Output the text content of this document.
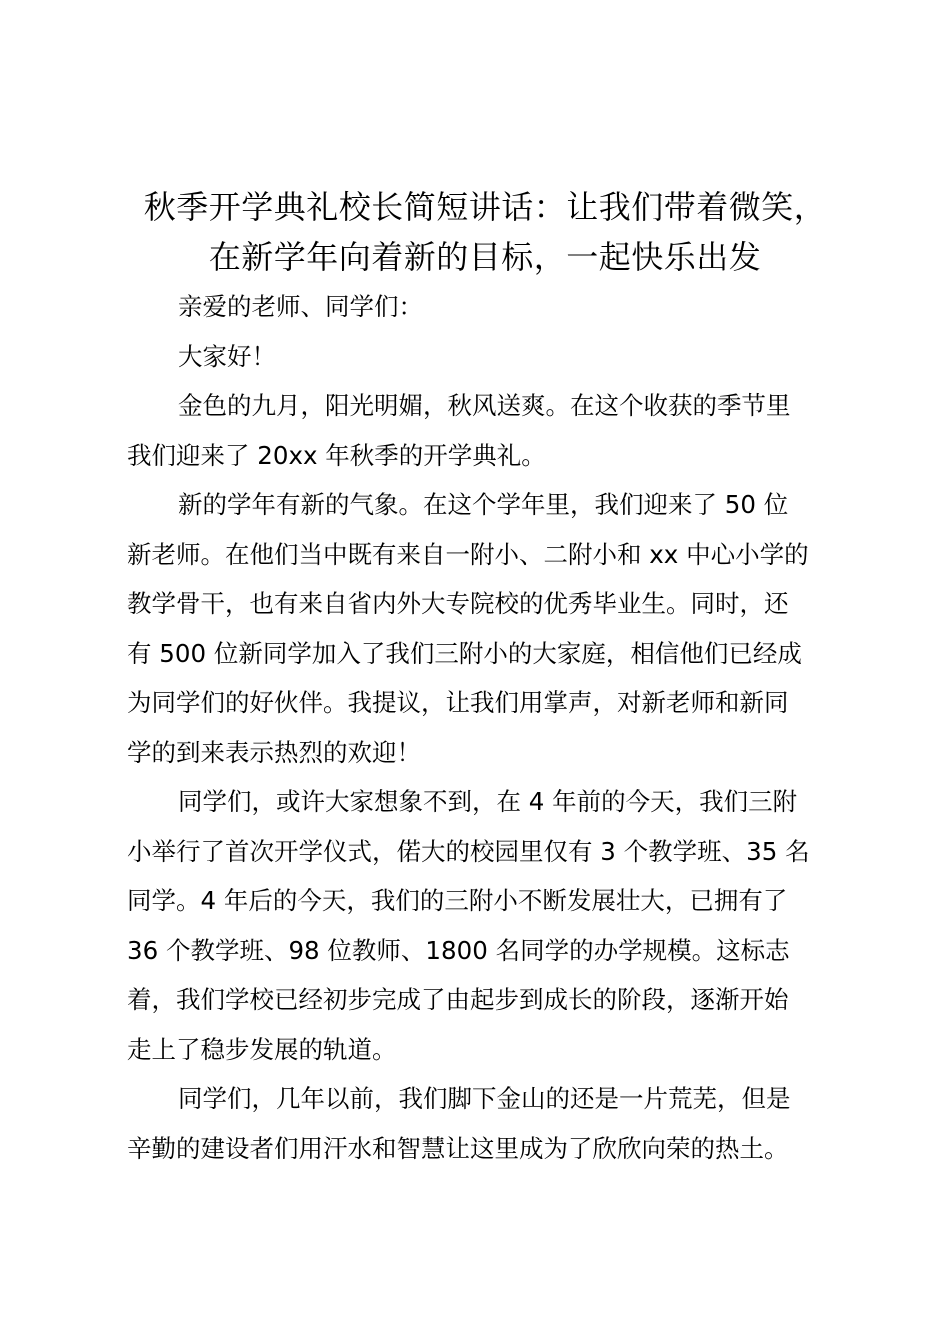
秋季开学典礼校长简短讲话：让我们带着微笑，
在新学年向着新的目标，一起快乐出发

亲爱的老师、同学们：

大家好！

金色的九月，阳光明媚，秋风送爽。在这个收获的季节里
我们迎来了 20xx 年秋季的开学典礼。

新的学年有新的气象。在这个学年里，我们迎来了 50 位
新老师。在他们当中既有来自一附小、二附小和 xx 中心小学的
教学骨干，也有来自省内外大专院校的优秀毕业生。同时，还
有 500 位新同学加入了我们三附小的大家庭，相信他们已经成
为同学们的好伙伴。我提议，让我们用掌声，对新老师和新同
学的到来表示热烈的欢迎！

同学们，或许大家想象不到，在 4 年前的今天，我们三附
小举行了首次开学仪式，偌大的校园里仅有 3 个教学班、35 名
同学。4 年后的今天，我们的三附小不断发展壮大，已拥有了
36 个教学班、98 位教师、1800 名同学的办学规模。这标志
着，我们学校已经初步完成了由起步到成长的阶段，逐渐开始
走上了稳步发展的轨道。

同学们，几年以前，我们脚下金山的还是一片荒芜，但是
辛勤的建设者们用汗水和智慧让这里成为了欣欣向荣的热土。
